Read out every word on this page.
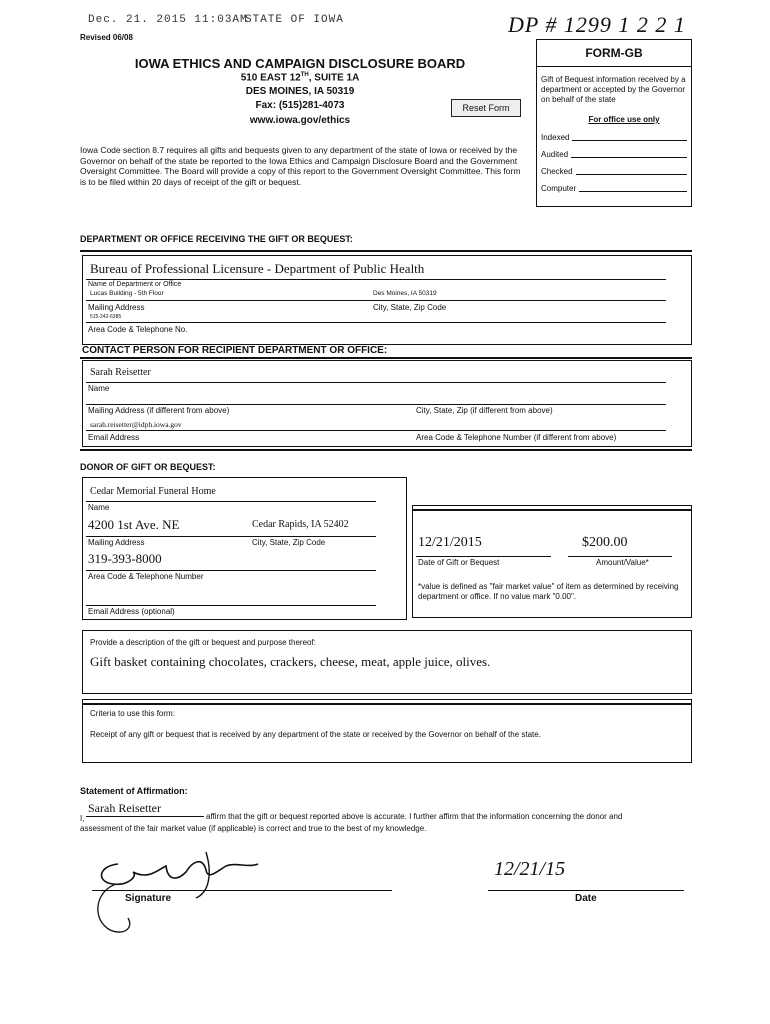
Dec. 21. 2015 11:03AM
STATE OF IOWA	DP # 1299 1 2 2 1
Revised 06/08
IOWA ETHICS AND CAMPAIGN DISCLOSURE BOARD
510 EAST 12TH, SUITE 1A
DES MOINES, IA 50319
Fax: (515)281-4073
www.iowa.gov/ethics
Reset Form
Iowa Code section 8.7 requires all gifts and bequests given to any department of the state of Iowa or received by the Governor on behalf of the state be reported to the Iowa Ethics and Campaign Disclosure Board and the Government Oversight Committee. The Board will provide a copy of this report to the Government Oversight Committee. This form is to be filed within 20 days of receipt of the gift or bequest.
FORM-GB
Gift of Bequest information received by a department or accepted by the Governor on behalf of the state
For office use only
Indexed
Audited
Checked
Computer
DEPARTMENT OR OFFICE RECEIVING THE GIFT OR BEQUEST:
Bureau of Professional Licensure - Department of Public Health
Name of Department or Office
Lucas Building - 5th Floor	Des Moines, IA 50319
Mailing Address	City, State, Zip Code
515-242-6385
Area Code & Telephone No.
CONTACT PERSON FOR RECIPIENT DEPARTMENT OR OFFICE:
Sarah Reisetter
Name
Mailing Address (if different from above)	City, State, Zip (if different from above)
sarah.reisetter@idph.iowa.gov
Email Address	Area Code & Telephone Number (if different from above)
DONOR OF GIFT OR BEQUEST:
Cedar Memorial Funeral Home
Name
4200 1st Ave. NE	Cedar Rapids, IA 52402
Mailing Address	City, State, Zip Code
319-393-8000
Area Code & Telephone Number
Email Address (optional)
12/21/2015	$200.00
Date of Gift or Bequest	Amount/Value*
*value is defined as "fair market value" of item as determined by receiving department or office. If no value mark "0.00".
Provide a description of the gift or bequest and purpose thereof:
Gift basket containing chocolates, crackers, cheese, meat, apple juice, olives.
Criteria to use this form:
Receipt of any gift or bequest that is received by any department of the state or received by the Governor on behalf of the state.
Statement of Affirmation:
I,
Sarah Reisetter
affirm that the gift or bequest reported above is accurate. I further affirm that the information concerning the donor and
assessment of the fair market value (if applicable) is correct and true to the best of my knowledge.
Signature
12/21/15
Date
